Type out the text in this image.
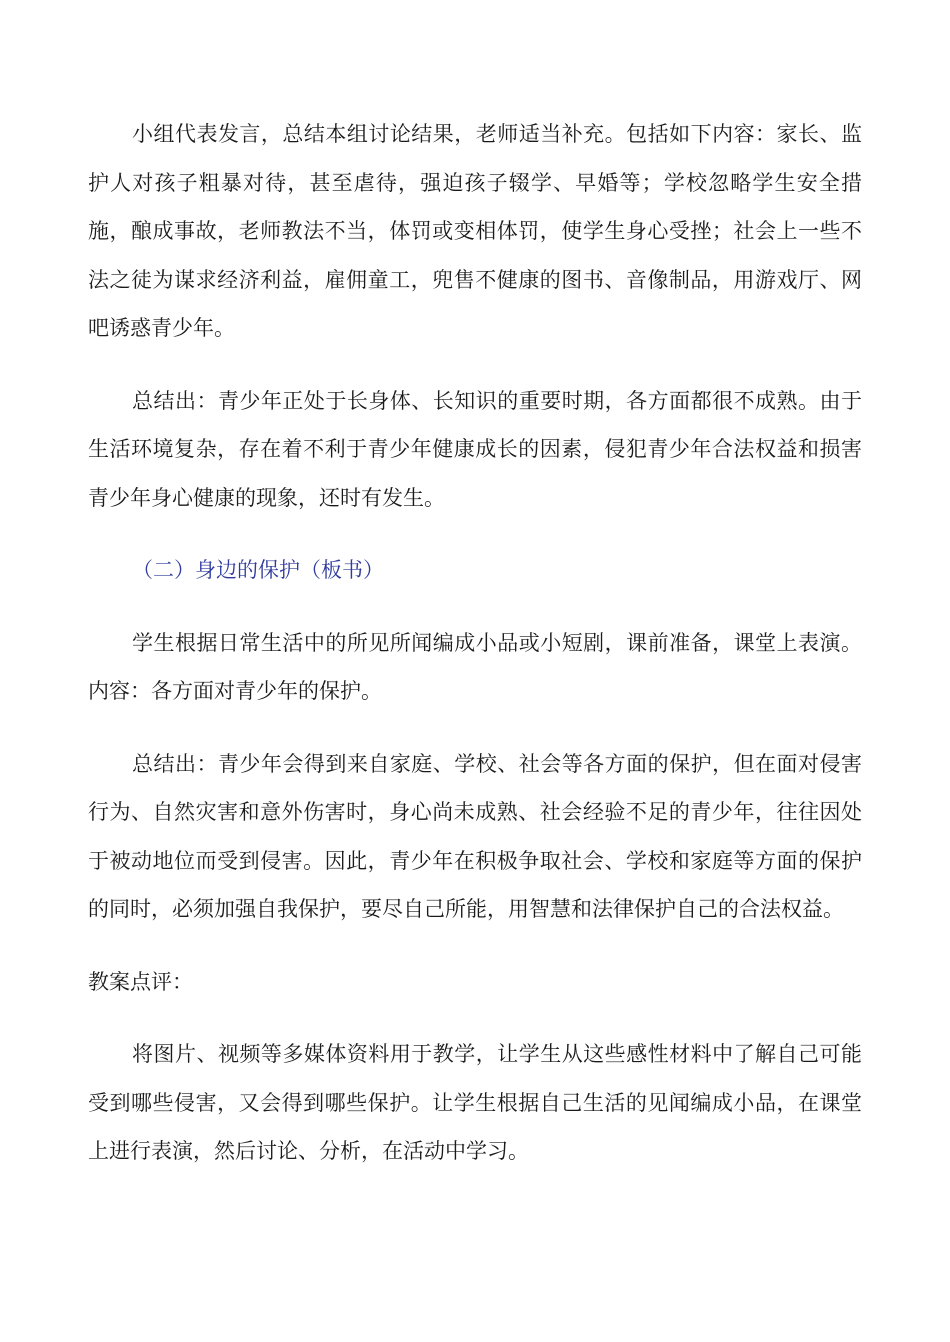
小组代表发言，总结本组讨论结果，老师适当补充。包括如下内容：家长、监护人对孩子粗暴对待，甚至虐待，强迫孩子辍学、早婚等；学校忽略学生安全措施，酿成事故，老师教法不当，体罚或变相体罚，使学生身心受挫；社会上一些不法之徒为谋求经济利益，雇佣童工，兜售不健康的图书、音像制品，用游戏厅、网吧诱惑青少年。

总结出：青少年正处于长身体、长知识的重要时期，各方面都很不成熟。由于生活环境复杂，存在着不利于青少年健康成长的因素，侵犯青少年合法权益和损害青少年身心健康的现象，还时有发生。

（二）身边的保护（板书）

学生根据日常生活中的所见所闻编成小品或小短剧，课前准备，课堂上表演。内容：各方面对青少年的保护。

总结出：青少年会得到来自家庭、学校、社会等各方面的保护，但在面对侵害行为、自然灾害和意外伤害时，身心尚未成熟、社会经验不足的青少年，往往因处于被动地位而受到侵害。因此，青少年在积极争取社会、学校和家庭等方面的保护的同时，必须加强自我保护，要尽自己所能，用智慧和法律保护自己的合法权益。

教案点评：

将图片、视频等多媒体资料用于教学，让学生从这些感性材料中了解自己可能受到哪些侵害，又会得到哪些保护。让学生根据自己生活的见闻编成小品，在课堂上进行表演，然后讨论、分析，在活动中学习。
